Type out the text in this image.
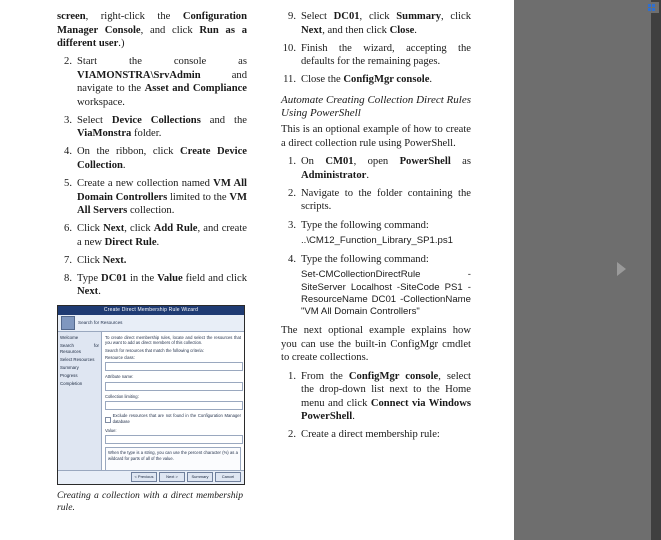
screen, right-click the Configuration Manager Console, and click Run as a different user.)
2. Start the console as VIAMONSTRA\SrvAdmin and navigate to the Asset and Compliance workspace.
3. Select Device Collections and the ViaMonstra folder.
4. On the ribbon, click Create Device Collection.
5. Create a new collection named VM All Domain Controllers limited to the VM All Servers collection.
6. Click Next, click Add Rule, and create a new Direct Rule.
7. Click Next.
8. Type DC01 in the Value field and click Next.
Create Direct Membership Rule Wizard
Search for Resources
Welcome
Search for Resources
Select Resources
Summary
Progress
Completion
To create direct membership rules, locate and select the resources that you want to add as direct members of this collection.
Search for resources that match the following criteria:
Resource class:
Attribute name:
Collection limiting:
Exclude resources that are not found in the Configuration Manager database
Value:
When the type is a string, you can use the percent character (%) as a wildcard for parts of all of the value.
< Previous	Next >	Summary	Cancel
Creating a collection with a direct membership rule.
9. Select DC01, click Summary, click Next, and then click Close.
10. Finish the wizard, accepting the defaults for the remaining pages.
11. Close the ConfigMgr console.
Automate Creating Collection Direct Rules Using PowerShell

This is an optional example of how to create a direct collection rule using PowerShell.

1. On CM01, open PowerShell as Administrator.
2. Navigate to the folder containing the scripts.
3. Type the following command:
..\CM12_Function_Library_SP1.ps1
4. Type the following command:
Set-CMCollectionDirectRule -SiteServer Localhost -SiteCode PS1 -ResourceName DC01 -CollectionName "VM All Domain Controllers"

The next optional example explains how you can use the built-in ConfigMgr cmdlet to create collections.

1. From the ConfigMgr console, select the drop-down list next to the Home menu and click Connect via Windows PowerShell.
2. Create a direct membership rule:
